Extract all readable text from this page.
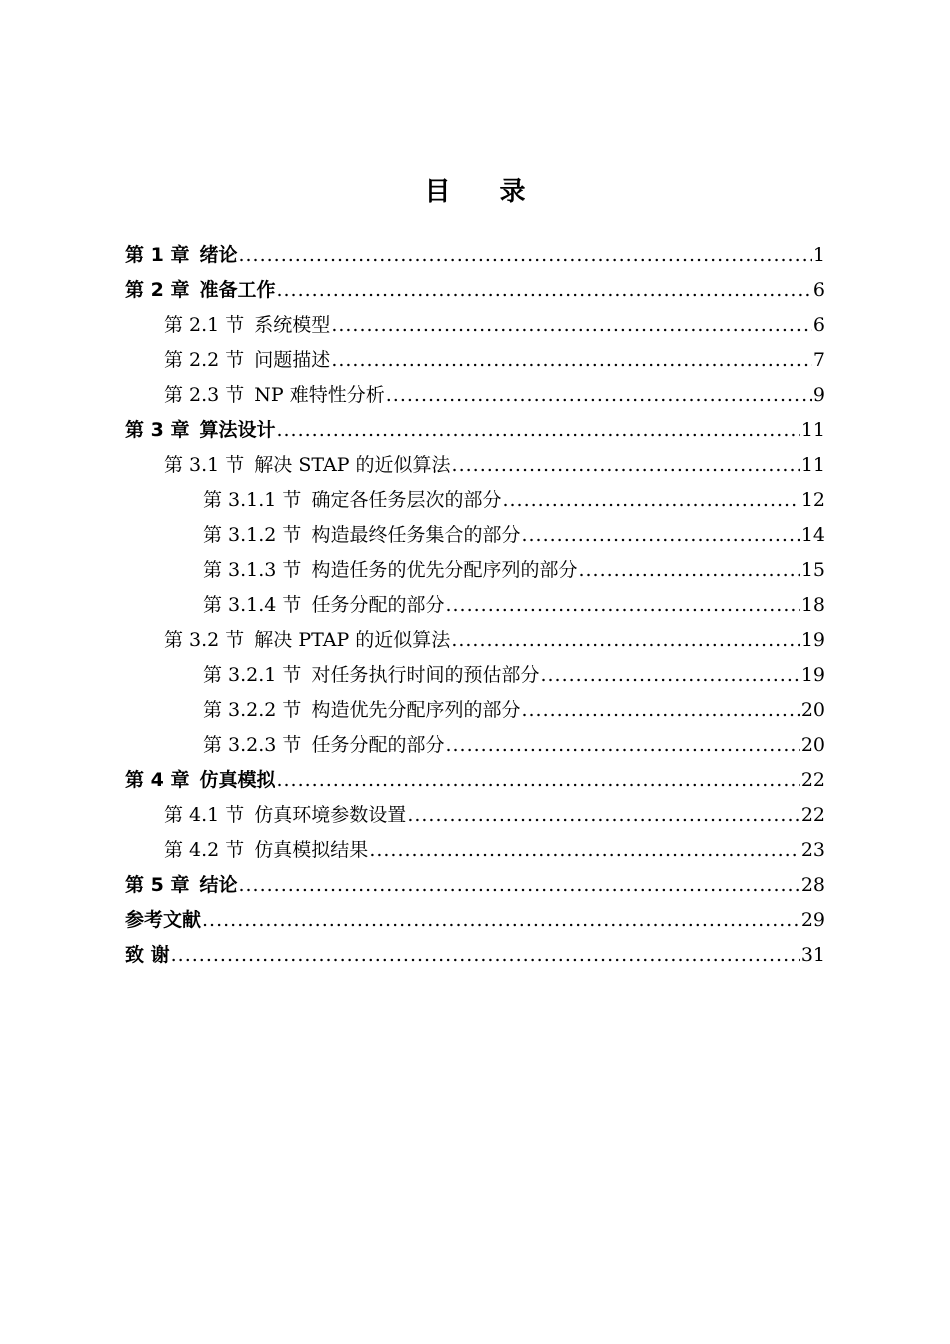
目 录
第 1 章 绪论 .....	1
第 2 章 准备工作 .....	6
第 2.1 节 系统模型 .....	6
第 2.2 节 问题描述 .....	7
第 2.3 节 NP 难特性分析 .....	9
第 3 章 算法设计 .....	11
第 3.1 节 解决 STAP 的近似算法 .....	11
第 3.1.1 节 确定各任务层次的部分 .....	12
第 3.1.2 节 构造最终任务集合的部分 .....	14
第 3.1.3 节 构造任务的优先分配序列的部分 .....	15
第 3.1.4 节 任务分配的部分 .....	18
第 3.2 节 解决 PTAP 的近似算法 .....	19
第 3.2.1 节 对任务执行时间的预估部分 .....	19
第 3.2.2 节 构造优先分配序列的部分 .....	20
第 3.2.3 节 任务分配的部分 .....	20
第 4 章 仿真模拟 .....	22
第 4.1 节 仿真环境参数设置 .....	22
第 4.2 节 仿真模拟结果 .....	23
第 5 章 结论 .....	28
参考文献 .....	29
致 谢 .....	31
